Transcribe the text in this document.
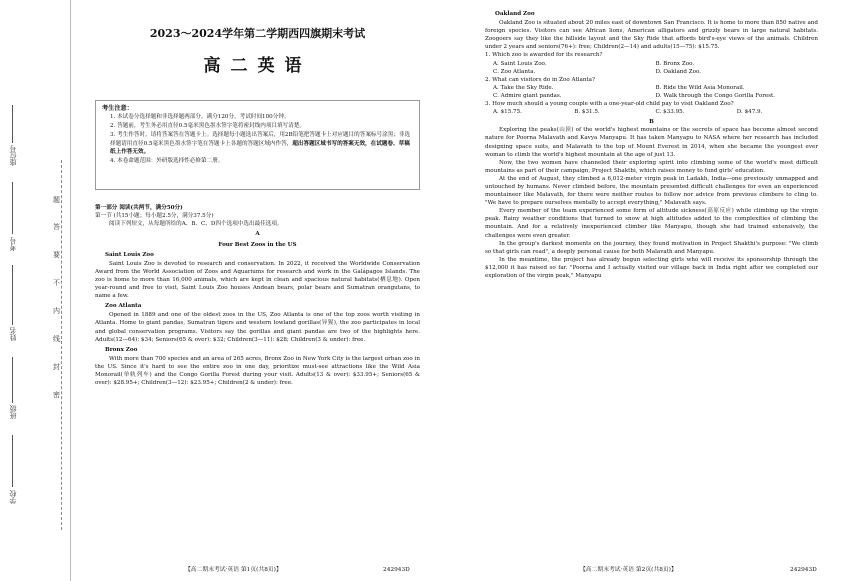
座位号
考号
姓名
班级
学校
题
答
要
不
内
线
封
密
2023～2024学年第二学期西四旗期末考试
高二英语
考生注意：

1. 本试卷分选择题和非选择题两部分。满分120分，考试时间100分钟。

2. 答题前，考生务必用直径0.5毫米黑色墨水签字笔将密封线内项目填写清楚。

3. 考生作答时，请将答案答在答题卡上。选择题每小题选出答案后，用2B铅笔把答题卡上对应题目的答案标号涂黑；非选择题请用直径0.5毫米黑色墨水签字笔在答题卡上各题的答题区域内作答，超出答题区域书写的答案无效，在试题卷、草稿纸上作答无效。

4. 本卷命题范围：外研版选择性必修第二册。

第一部分 阅读(共两节，满分50分)
第一节 (共15小题；每小题2.5分，满分37.5分)
阅读下列短文，从每题所给的A、B、C、D四个选项中选出最佳选项。
A
Four Best Zoos in the US
Saint Louis Zoo

Saint Louis Zoo is devoted to research and conservation. In 2022, it received the Worldwide Conservation Award from the World Association of Zoos and Aquariums for research and work in the Galápagos Islands. The zoo is home to more than 16,000 animals, which are kept in clean and spacious natural habitats(栖息地). Open year-round and free to visit, Saint Louis Zoo houses Andean bears, polar bears and Sumatran orangutans, to name a few.

Zoo Atlanta

Opened in 1889 and one of the oldest zoos in the US, Zoo Atlanta is one of the top zoos worth visiting in Atlanta. Home to giant pandas, Sumatran tigers and western lowland gorillas(异猩), the zoo participates in local and global conservation programs. Visitors say the gorillas and giant pandas are two of the highlights here. Adults(12—64): $34; Seniors(65 & over): $32; Children(3—11): $28; Children(3 & under): free.

Bronx Zoo

With more than 700 species and an area of 265 acres, Bronx Zoo in New York City is the largest urban zoo in the US. Since it's hard to see the entire zoo in one day, prioritize must-see attractions like the Wild Asia Monorail(单轨列车) and the Congo Gorilla Forest during your visit. Adults(13 & over): $33.95+; Seniors(65 & over): $28.95+; Children(3—12): $23.95+; Children(2 & under): free.

【高二期末考试·英语 第1页(共8页)】	242943D
Oakland Zoo

Oakland Zoo is situated about 20 miles east of downtown San Francisco. It is home to more than 850 native and foreign species. Visitors can see African lions, American alligators and grizzly bears in large natural habitats. Zoogoers say they like the hillside layout and the Sky Ride that affords bird's-eye views of the animals. Children under 2 years and seniors(76+): free; Children(2—14) and adults(15—75): $15.75.

1. Which zoo is awarded for its research?

A. Saint Louis Zoo.	B. Bronx Zoo.
C. Zoo Atlanta.	D. Oakland Zoo.

2. What can visitors do in Zoo Atlanta?

A. Take the Sky Ride.	B. Ride the Wild Asia Monorail.
C. Admire giant pandas.	D. Walk through the Congo Gorilla Forest.

3. How much should a young couple with a one-year-old child pay to visit Oakland Zoo?

A. $15.75.	B. $31.5.	C. $33.95.	D. $47.9.
B

Exploring the peaks(山顶) of the world's highest mountains or the secrets of space has become almost second nature for Poorna Malavath and Kavya Manyapu. It has taken Manyapu to NASA where her research has included designing space suits, and Malavath to the top of Mount Everest in 2014, when she became the youngest ever woman to climb the world's highest mountain at the age of just 13.

Now, the two women have channeled their exploring spirit into climbing some of the world's most difficult mountains as part of their campaign, Project Shakthi, which raises money to fund girls' education.

At the end of August, they climbed a 6,012-meter virgin peak in Ladakh, India—one previously unmapped and untouched by humans. Never climbed before, the mountain presented difficult challenges for even an experienced mountaineer like Malavath, for there were neither routes to follow nor advice from previous climbers to cling to. "We have to prepare ourselves mentally to accept everything," Malavath says.

Every member of the team experienced some form of altitude sickness(高原反应) while climbing up the virgin peak. Rainy weather conditions that turned to snow at high altitudes added to the complexities of climbing the mountain. And for a relatively inexperienced climber like Manyapu, though she had trained extensively, the challenges were even greater.

In the group's darkest moments on the journey, they found motivation in Project Shakthi's purpose: "We climb so that girls can read", a deeply personal cause for both Malavath and Manyapu.

In the meantime, the project has already begun selecting girls who will receive its sponsorship through the $12,000 it has raised so far. "Poorna and I actually visited our village back in India right after we completed our exploration of the virgin peak," Manyapu

【高二期末考试·英语 第2页(共8页)】	242943D
